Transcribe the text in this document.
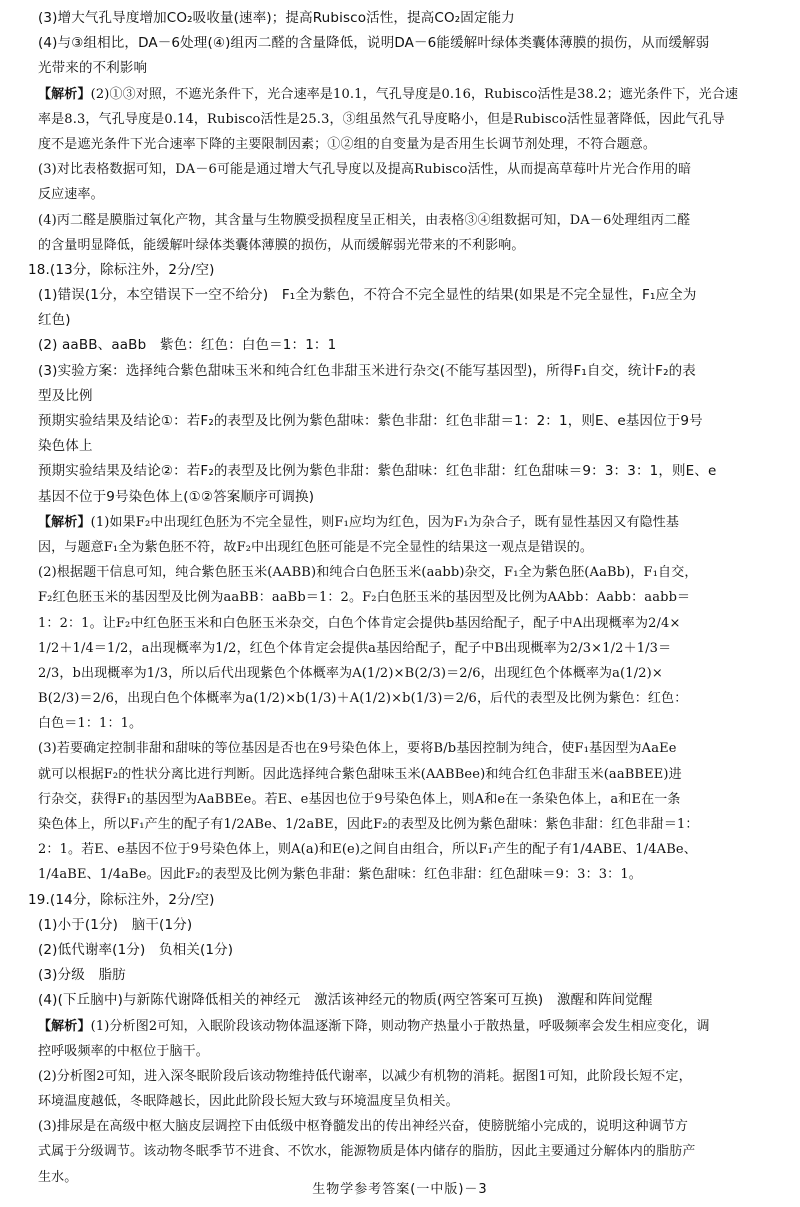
(3)增大气孔导度增加CO₂吸收量(速率)；提高Rubisco活性，提高CO₂固定能力
(4)与③组相比，DA－6处理(④)组丙二醛的含量降低，说明DA－6能缓解叶绿体类囊体薄膜的损伤，从而缓解弱
光带来的不利影响
【解析】(2)①③对照，不遮光条件下，光合速率是10.1，气孔导度是0.16，Rubisco活性是38.2；遮光条件下，光合速
率是8.3，气孔导度是0.14，Rubisco活性是25.3，③组虽然气孔导度略小，但是Rubisco活性显著降低，因此气孔导
度不是遮光条件下光合速率下降的主要限制因素；①②组的自变量为是否用生长调节剂处理，不符合题意。
(3)对比表格数据可知，DA－6可能是通过增大气孔导度以及提高Rubisco活性，从而提高草莓叶片光合作用的暗
反应速率。
(4)丙二醛是膜脂过氧化产物，其含量与生物膜受损程度呈正相关，由表格③④组数据可知，DA－6处理组丙二醛
的含量明显降低，能缓解叶绿体类囊体薄膜的损伤，从而缓解弱光带来的不利影响。
18.(13分，除标注外，2分/空)
(1)错误(1分，本空错误下一空不给分)　F₁全为紫色，不符合不完全显性的结果(如果是不完全显性，F₁应全为
红色)
(2) aaBB、aaBb　紫色：红色：白色＝1：1：1
(3)实验方案：选择纯合紫色甜味玉米和纯合红色非甜玉米进行杂交(不能写基因型)，所得F₁自交，统计F₂的表
型及比例
预期实验结果及结论①：若F₂的表型及比例为紫色甜味：紫色非甜：红色非甜＝1：2：1，则E、e基因位于9号
染色体上
预期实验结果及结论②：若F₂的表型及比例为紫色非甜：紫色甜味：红色非甜：红色甜味＝9：3：3：1，则E、e
基因不位于9号染色体上(①②答案顺序可调换)
【解析】(1)如果F₂中出现红色胚为不完全显性，则F₁应均为红色，因为F₁为杂合子，既有显性基因又有隐性基
因，与题意F₁全为紫色胚不符，故F₂中出现红色胚可能是不完全显性的结果这一观点是错误的。
(2)根据题干信息可知，纯合紫色胚玉米(AABB)和纯合白色胚玉米(aabb)杂交，F₁全为紫色胚(AaBb)，F₁自交，
F₂红色胚玉米的基因型及比例为aaBB：aaBb＝1：2。F₂白色胚玉米的基因型及比例为AAbb：Aabb：aabb＝
1：2：1。让F₂中红色胚玉米和白色胚玉米杂交，白色个体肯定会提供b基因给配子，配子中A出现概率为2/4×
1/2＋1/4＝1/2，a出现概率为1/2，红色个体肯定会提供a基因给配子，配子中B出现概率为2/3×1/2＋1/3＝
2/3，b出现概率为1/3，所以后代出现紫色个体概率为A(1/2)×B(2/3)＝2/6，出现红色个体概率为a(1/2)×
B(2/3)＝2/6，出现白色个体概率为a(1/2)×b(1/3)＋A(1/2)×b(1/3)＝2/6，后代的表型及比例为紫色：红色：
白色＝1：1：1。
(3)若要确定控制非甜和甜味的等位基因是否也在9号染色体上，要将B/b基因控制为纯合，使F₁基因型为AaEe
就可以根据F₂的性状分离比进行判断。因此选择纯合紫色甜味玉米(AABBee)和纯合红色非甜玉米(aaBBEE)进
行杂交，获得F₁的基因型为AaBBEe。若E、e基因也位于9号染色体上，则A和e在一条染色体上，a和E在一条
染色体上，所以F₁产生的配子有1/2ABe、1/2aBE，因此F₂的表型及比例为紫色甜味：紫色非甜：红色非甜＝1：
2：1。若E、e基因不位于9号染色体上，则A(a)和E(e)之间自由组合，所以F₁产生的配子有1/4ABE、1/4ABe、
1/4aBE、1/4aBe。因此F₂的表型及比例为紫色非甜：紫色甜味：红色非甜：红色甜味＝9：3：3：1。
19.(14分，除标注外，2分/空)
(1)小于(1分)　脑干(1分)
(2)低代谢率(1分)　负相关(1分)
(3)分级　脂肪
(4)(下丘脑中)与新陈代谢降低相关的神经元　激活该神经元的物质(两空答案可互换)　激醒和阵间觉醒
【解析】(1)分析图2可知，入眠阶段该动物体温逐渐下降，则动物产热量小于散热量，呼吸频率会发生相应变化，调
控呼吸频率的中枢位于脑干。
(2)分析图2可知，进入深冬眠阶段后该动物维持低代谢率，以减少有机物的消耗。据图1可知，此阶段长短不定，
环境温度越低，冬眠降越长，因此此阶段长短大致与环境温度呈负相关。
(3)排尿是在高级中枢大脑皮层调控下由低级中枢脊髓发出的传出神经兴奋，使膀胱缩小完成的，说明这种调节方
式属于分级调节。该动物冬眠季节不进食、不饮水，能源物质是体内储存的脂肪，因此主要通过分解体内的脂肪产
生水。
生物学参考答案(一中版)－3
